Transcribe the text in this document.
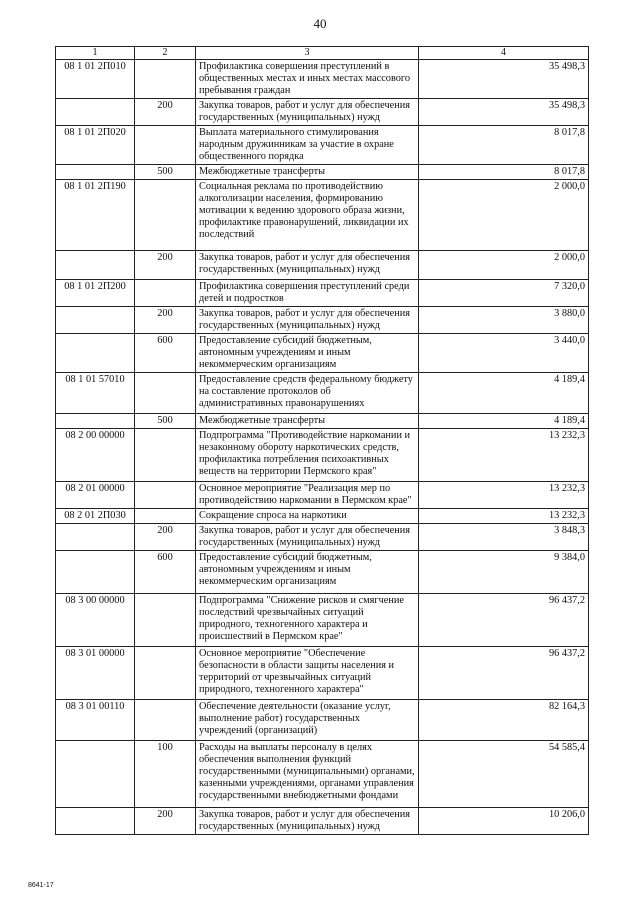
40
1	2	3	4
08 1 01 2П010		Профилактика совершения преступлений в общественных местах и иных местах массового пребывания граждан	35 498,3
	200	Закупка товаров, работ и услуг для обеспечения государственных (муниципальных) нужд	35 498,3
08 1 01 2П020		Выплата материального стимулирования народным дружинникам за участие в охране общественного порядка	8 017,8
	500	Межбюджетные трансферты	8 017,8
08 1 01 2П190		Социальная реклама по противодействию алкоголизации населения, формированию мотивации к ведению здорового образа жизни, профилактике правонарушений, ликвидации их последствий	2 000,0
	200	Закупка товаров, работ и услуг для обеспечения государственных (муниципальных) нужд	2 000,0
08 1 01 2П200		Профилактика совершения преступлений среди детей и подростков	7 320,0
	200	Закупка товаров, работ и услуг для обеспечения государственных (муниципальных) нужд	3 880,0
	600	Предоставление субсидий бюджетным, автономным учреждениям и иным некоммерческим организациям	3 440,0
08 1 01 57010		Предоставление средств федеральному бюджету на составление протоколов об административных правонарушениях	4 189,4
	500	Межбюджетные трансферты	4 189,4
08 2 00 00000		Подпрограмма "Противодействие наркомании и незаконному обороту наркотических средств, профилактика потребления психоактивных веществ на территории Пермского края"	13 232,3
08 2 01 00000		Основное мероприятие "Реализация мер по противодействию наркомании в Пермском крае"	13 232,3
08 2 01 2П030		Сокращение спроса на наркотики	13 232,3
	200	Закупка товаров, работ и услуг для обеспечения государственных (муниципальных) нужд	3 848,3
	600	Предоставление субсидий бюджетным, автономным учреждениям и иным некоммерческим организациям	9 384,0
08 3 00 00000		Подпрограмма "Снижение рисков и смягчение последствий чрезвычайных ситуаций природного, техногенного характера и происшествий в Пермском крае"	96 437,2
08 3 01 00000		Основное мероприятие "Обеспечение безопасности в области защиты населения и территорий от чрезвычайных ситуаций природного, техногенного характера"	96 437,2
08 3 01 00110		Обеспечение деятельности (оказание услуг, выполнение работ) государственных учреждений (организаций)	82 164,3
	100	Расходы на выплаты персоналу в целях обеспечения выполнения функций государственными (муниципальными) органами, казенными учреждениями, органами управления государственными внебюджетными фондами	54 585,4
	200	Закупка товаров, работ и услуг для обеспечения государственных (муниципальных) нужд	10 206,0
8641-17
